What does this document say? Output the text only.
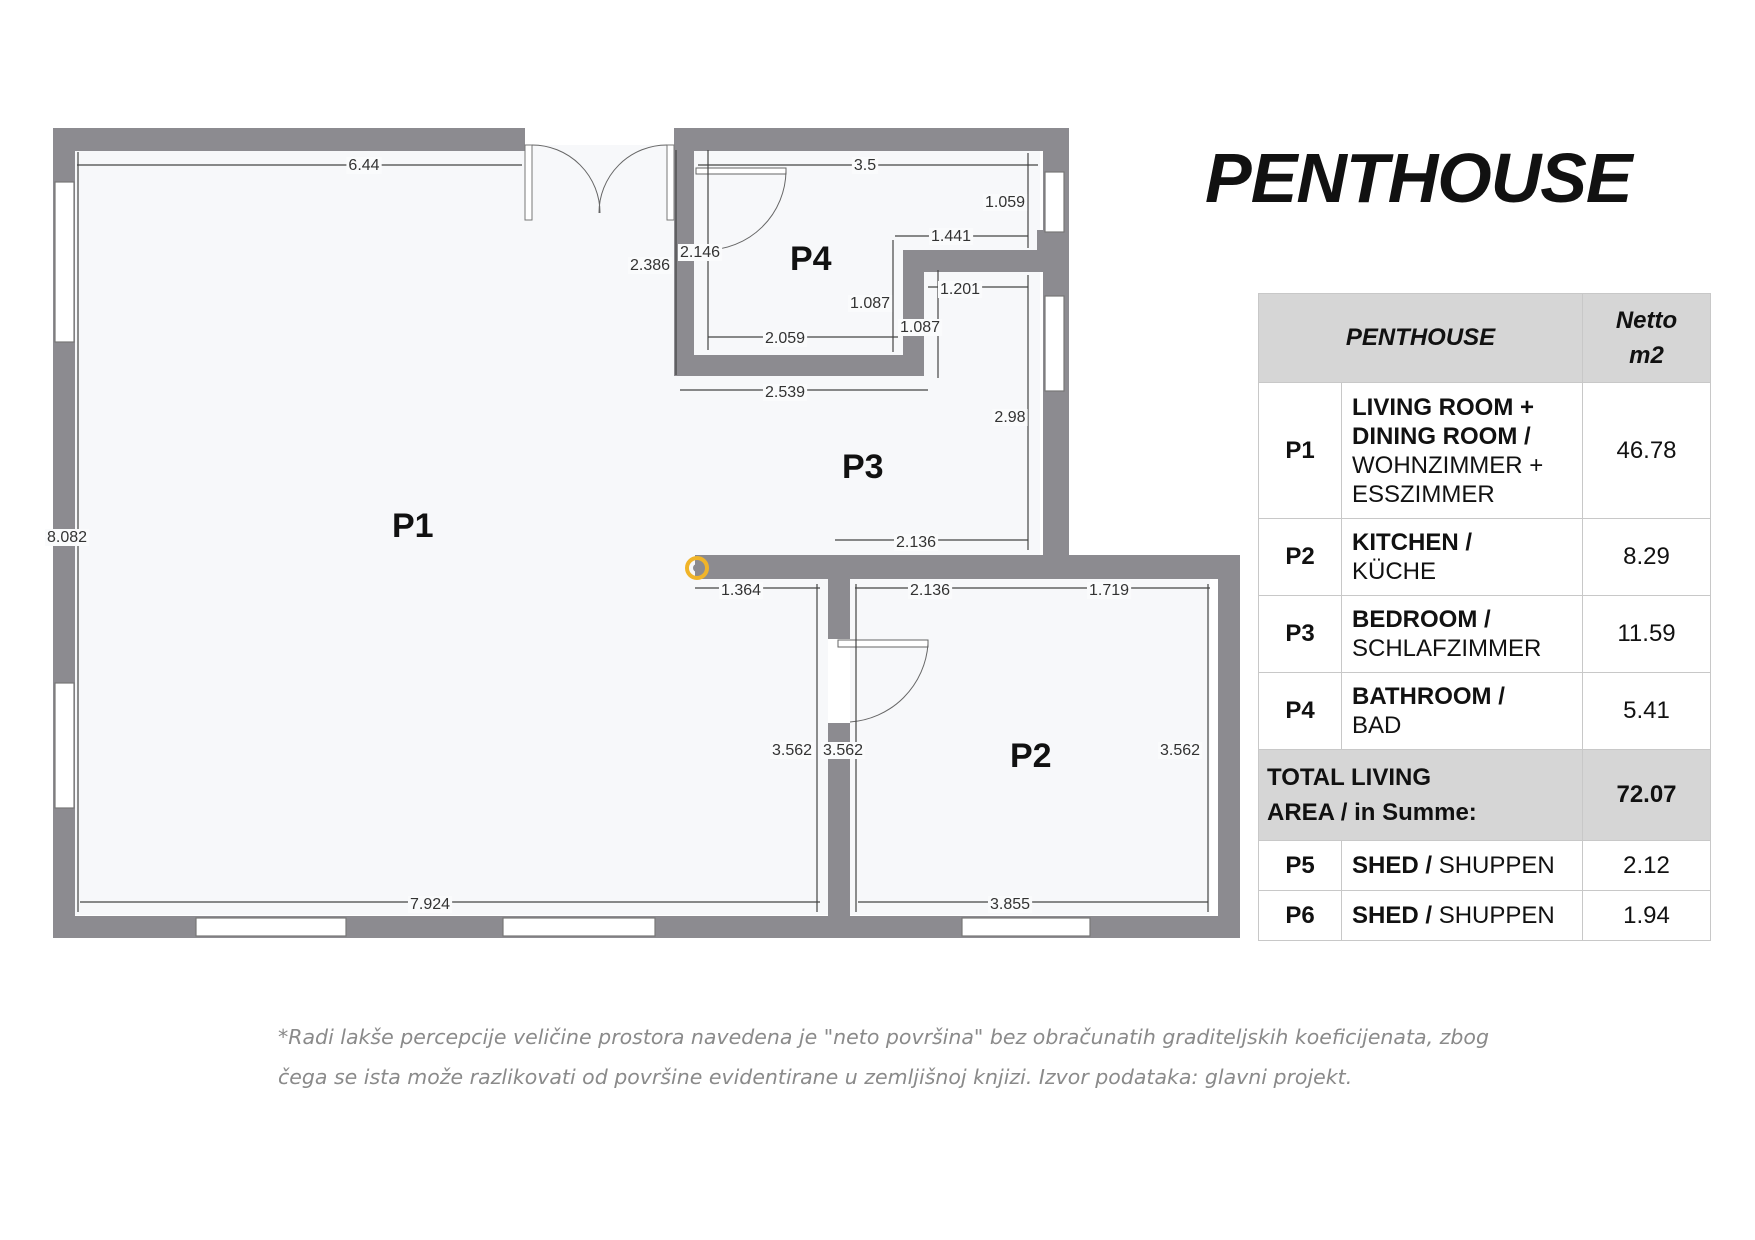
6.44	3.5
1.059
1.441
2.146
2.386
1.087
1.201
1.087
2.059
2.539
2.98
8.082	2.136
1.364	2.136	1.719
3.562 3.562	3.562
7.924	3.855
P1
P2
P3
P4
PENTHOUSE
PENTHOUSE		Netto
m2
P1	LIVING ROOM +
DINING ROOM /
WOHNZIMMER +
ESSZIMMER	46.78
P2	KITCHEN /
KÜCHE	8.29
P3	BEDROOM /
SCHLAFZIMMER	11.59
P4	BATHROOM /
BAD	5.41
TOTAL LIVING
AREA / in Summe:		72.07
P5	SHED / SHUPPEN	2.12
P6	SHED / SHUPPEN	1.94
*Radi lakše percepcije veličine prostora navedena je "neto površina" bez obračunatih graditeljskih koeficijenata, zbog
čega se ista može razlikovati od površine evidentirane u zemljišnoj knjizi. Izvor podataka: glavni projekt.
